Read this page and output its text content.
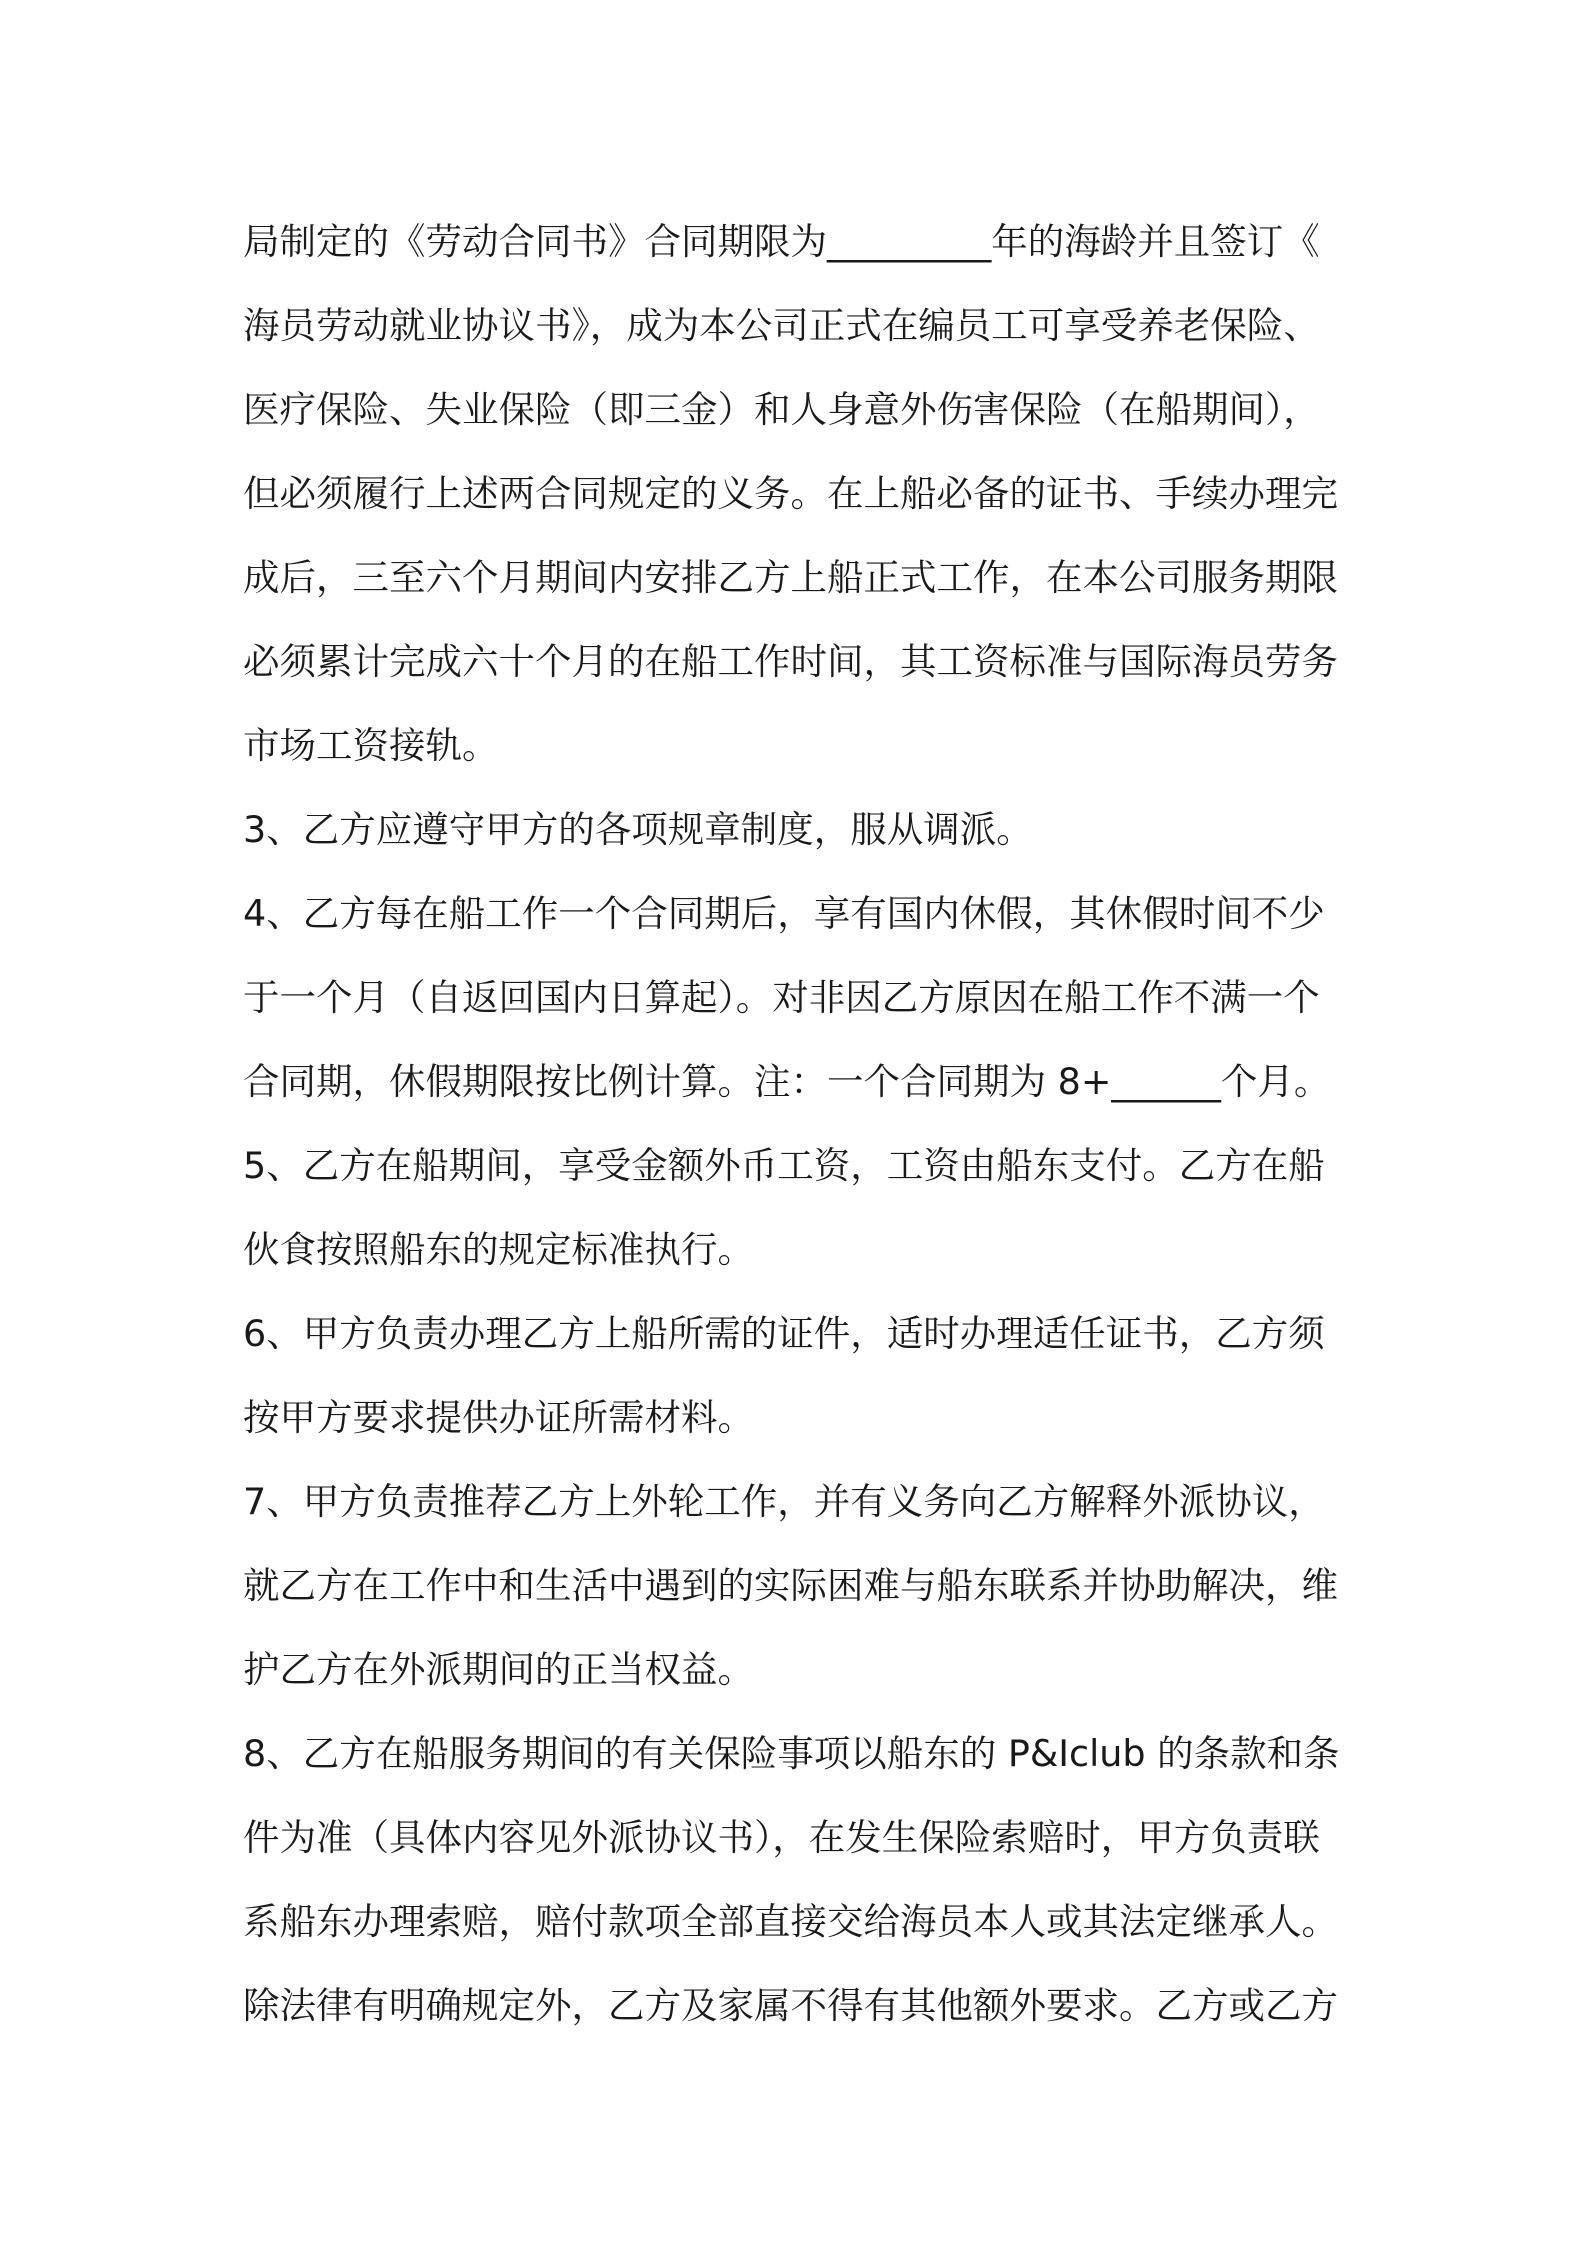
局制定的《劳动合同书》合同期限为_________年的海龄并且签订《
海员劳动就业协议书》，成为本公司正式在编员工可享受养老保险、
医疗保险、失业保险（即三金）和人身意外伤害保险（在船期间），
但必须履行上述两合同规定的义务。在上船必备的证书、手续办理完
成后，三至六个月期间内安排乙方上船正式工作，在本公司服务期限
必须累计完成六十个月的在船工作时间，其工资标准与国际海员劳务
市场工资接轨。
3、乙方应遵守甲方的各项规章制度，服从调派。
4、乙方每在船工作一个合同期后，享有国内休假，其休假时间不少
于一个月（自返回国内日算起）。对非因乙方原因在船工作不满一个
合同期，休假期限按比例计算。注：一个合同期为 8+______个月。
5、乙方在船期间，享受金额外币工资，工资由船东支付。乙方在船
伙食按照船东的规定标准执行。
6、甲方负责办理乙方上船所需的证件，适时办理适任证书，乙方须
按甲方要求提供办证所需材料。
7、甲方负责推荐乙方上外轮工作，并有义务向乙方解释外派协议，
就乙方在工作中和生活中遇到的实际困难与船东联系并协助解决，维
护乙方在外派期间的正当权益。
8、乙方在船服务期间的有关保险事项以船东的 P&Iclub 的条款和条
件为准（具体内容见外派协议书），在发生保险索赔时，甲方负责联
系船东办理索赔，赔付款项全部直接交给海员本人或其法定继承人。
除法律有明确规定外，乙方及家属不得有其他额外要求。乙方或乙方
